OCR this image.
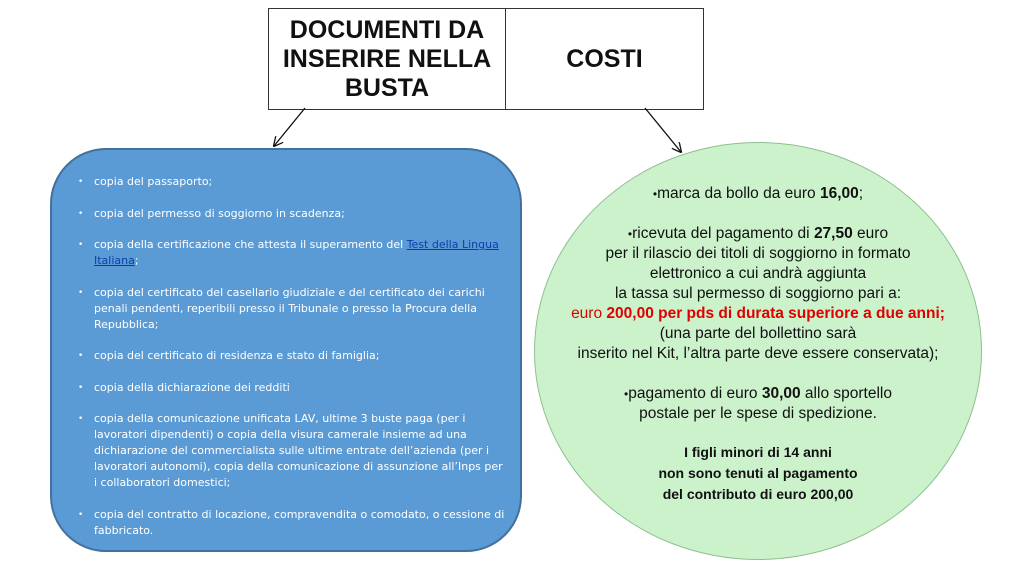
DOCUMENTI DA INSERIRE NELLA BUSTA
COSTI
• copia del passaporto;
• copia del permesso di soggiorno in scadenza;
• copia della certificazione che attesta il superamento del Test della Lingua Italiana;
• copia del certificato del casellario giudiziale e del certificato dei carichi penali pendenti, reperibili presso il Tribunale o presso la Procura della Repubblica;
• copia del certificato di residenza e stato di famiglia;
• copia della dichiarazione dei redditi
• copia della comunicazione unificata LAV, ultime 3 buste paga (per i lavoratori dipendenti) o copia della visura camerale insieme ad una dichiarazione del commercialista sulle ultime entrate dell’azienda (per i lavoratori autonomi), copia della comunicazione di assunzione all’Inps per i collaboratori domestici;
• copia del contratto di locazione, compravendita o comodato, o cessione di fabbricato.

•marca da bollo da euro 16,00;

•ricevuta del pagamento di 27,50 euro

per il rilascio dei titoli di soggiorno in formato

elettronico a cui andrà aggiunta

la tassa sul permesso di soggiorno pari a:

euro 200,00 per pds di durata superiore a due anni;

(una parte del bollettino sarà

inserito nel Kit, l’altra parte deve essere conservata);

•pagamento di euro 30,00 allo sportello

postale per le spese di spedizione.

I figli minori di 14 anni

non sono tenuti al pagamento

del contributo di euro 200,00
